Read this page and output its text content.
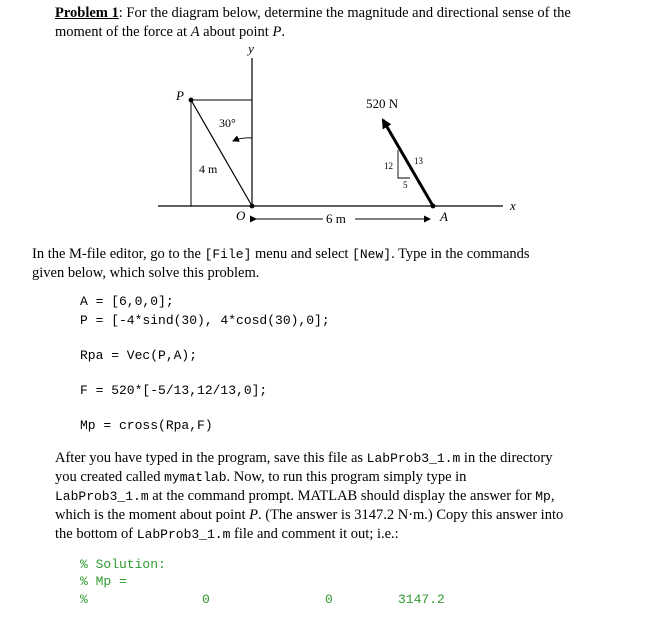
Problem 1: For the diagram below, determine the magnitude and directional sense of the
moment of the force at A about point P.
y
x
P
30°
4 m
O	6 m	A
520 N
12 13
5
In the M-file editor, go to the [File] menu and select [New]. Type in the commands
given below, which solve this problem.
A = [6,0,0];
P = [-4*sind(30), 4*cosd(30),0];
Rpa = Vec(P,A);
F = 520*[-5/13,12/13,0];
Mp = cross(Rpa,F)
After you have typed in the program, save this file as LabProb3_1.m in the directory
you created called mymatlab. Now, to run this program simply type in
LabProb3_1.m at the command prompt. MATLAB should display the answer for Mp,
which is the moment about point P. (The answer is 3147.2 N·m.) Copy this answer into
the bottom of LabProb3_1.m file and comment it out; i.e.:
% Solution:
% Mp =
%	0	0	3147.2
